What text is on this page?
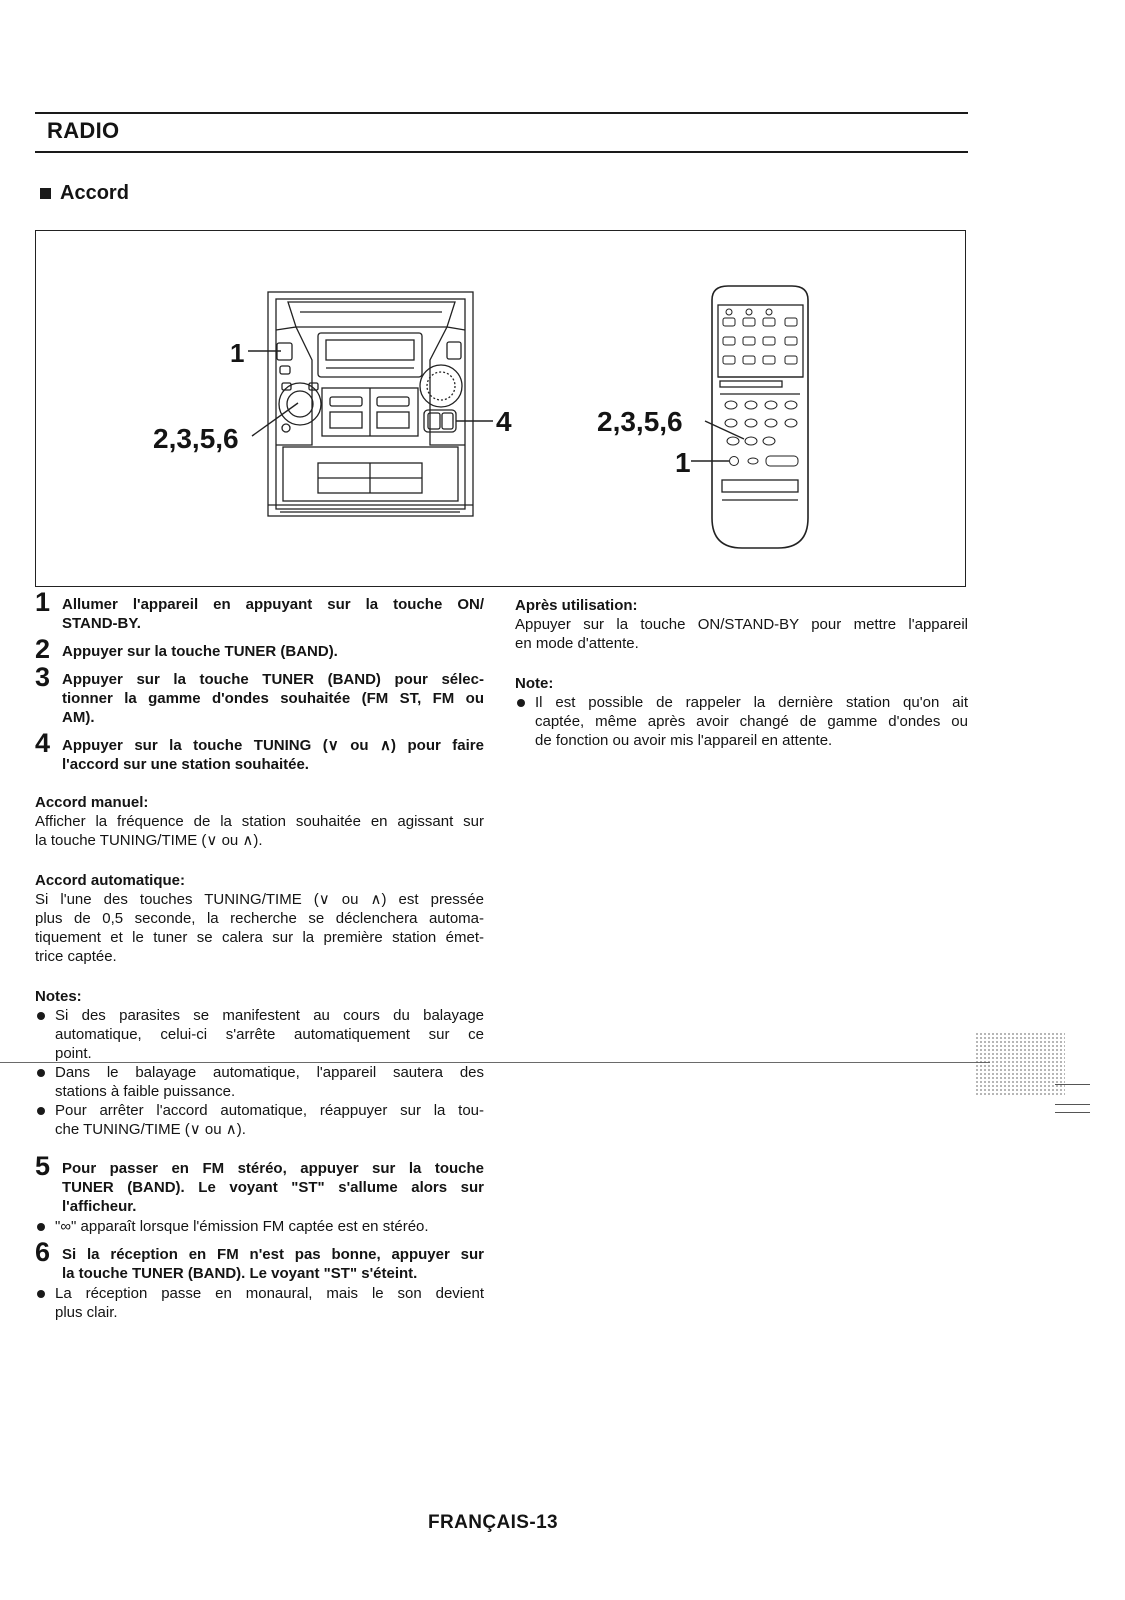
RADIO
Accord
1
2,3,5,6
4	2,3,5,6
1
1 Allumer l'appareil en appuyant sur la touche ON/
STAND-BY.
2 Appuyer sur la touche TUNER (BAND).
3 Appuyer sur la touche TUNER (BAND) pour sélec-
tionner la gamme d'ondes souhaitée (FM ST, FM ou
AM).
4 Appuyer sur la touche TUNING (∨ ou ∧) pour faire
l'accord sur une station souhaitée.
Accord manuel:
Afficher la fréquence de la station souhaitée en agissant sur
la touche TUNING/TIME (∨ ou ∧).
Accord automatique:
Si l'une des touches TUNING/TIME (∨ ou ∧) est pressée
plus de 0,5 seconde, la recherche se déclenchera automa-
tiquement et le tuner se calera sur la première station émet-
trice captée.
Notes:
Si des parasites se manifestent au cours du balayage
automatique, celui-ci s'arrête automatiquement sur ce
point.
Dans le balayage automatique, l'appareil sautera des
stations à faible puissance.
Pour arrêter l'accord automatique, réappuyer sur la tou-
che TUNING/TIME (∨ ou ∧).
5 Pour passer en FM stéréo, appuyer sur la touche
TUNER (BAND). Le voyant "ST" s'allume alors sur
l'afficheur.
"∞" apparaît lorsque l'émission FM captée est en stéréo.
6 Si la réception en FM n'est pas bonne, appuyer sur
la touche TUNER (BAND). Le voyant "ST" s'éteint.
La réception passe en monaural, mais le son devient
plus clair.
Après utilisation:
Appuyer sur la touche ON/STAND-BY pour mettre l'appareil
en mode d'attente.
Note:
Il est possible de rappeler la dernière station qu'on ait
captée, même après avoir changé de gamme d'ondes ou
de fonction ou avoir mis l'appareil en attente.
FRANÇAIS-13
